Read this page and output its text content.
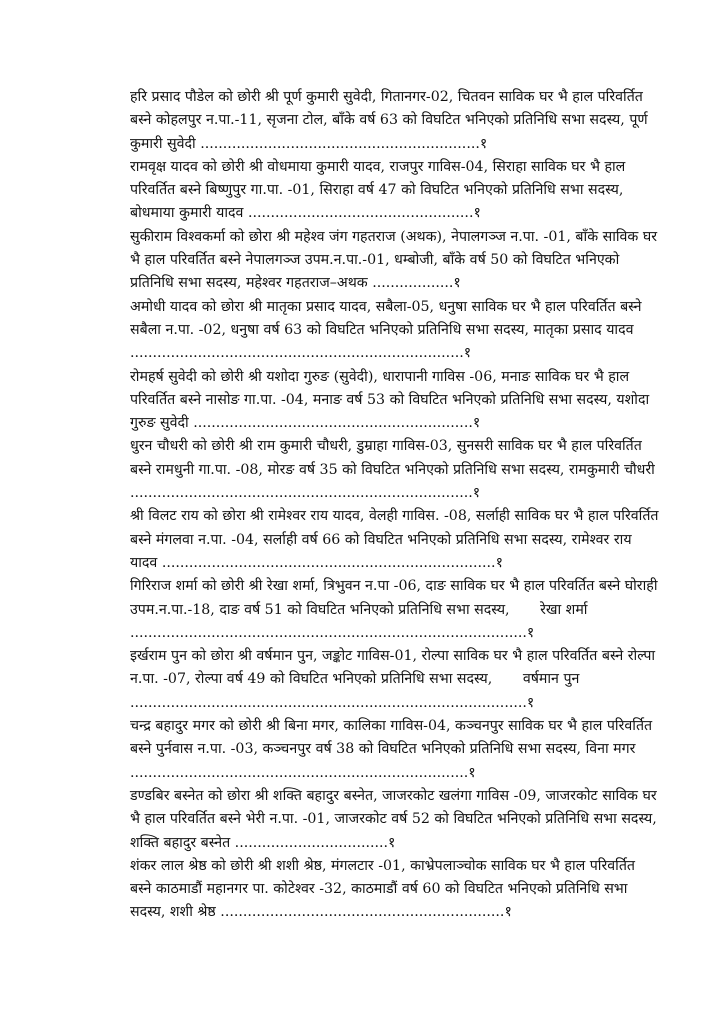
हरि प्रसाद पौडेल को छोरी श्री पूर्ण कुमारी सुवेदी, गितानगर-02, चितवन साविक घर भै हाल परिवर्तित बस्ने कोहलपुर न.पा.-11, सृजना टोल, बाँके वर्ष 63 को विघटित भनिएको प्रतिनिधि सभा सदस्य, पूर्ण कुमारी सुवेदी ..............................................................१

रामवृक्ष यादव को छोरी श्री वोधमाया कुमारी यादव, राजपुर गाविस-04, सिराहा साविक घर भै हाल परिवर्तित बस्ने बिष्णुपुर गा.पा. -01, सिराहा वर्ष 47 को विघटित भनिएको प्रतिनिधि सभा सदस्य, बोधमाया कुमारी यादव ..................................................१

सुकीराम विश्वकर्मा को छोरा श्री महेश्व जंग गहतराज (अथक), नेपालगञ्ज न.पा. -01, बाँके साविक घर भै हाल परिवर्तित बस्ने नेपालगञ्ज उपम.न.पा.-01, धम्बोजी, बाँके वर्ष 50 को विघटित भनिएको प्रतिनिधि सभा सदस्य, महेश्वर गहतराज–अथक ..................१

अमोधी यादव को छोरा श्री मातृका प्रसाद यादव, सबैला-05, धनुषा साविक घर भै हाल परिवर्तित बस्ने सबैला न.पा. -02, धनुषा वर्ष 63 को विघटित भनिएको प्रतिनिधि सभा सदस्य, मातृका प्रसाद यादव ..........................................................................१

रोमहर्ष सुवेदी को छोरी श्री यशोदा गुरुङ (सुवेदी), धारापानी गाविस -06, मनाङ साविक घर भै हाल परिवर्तित बस्ने नासोङ गा.पा. -04, मनाङ वर्ष 53 को विघटित भनिएको प्रतिनिधि सभा सदस्य, यशोदा गुरुङ सुवेदी ..............................................................१

धुरन चौधरी को छोरी श्री राम कुमारी चौधरी, डुम्राहा गाविस-03, सुनसरी साविक घर भै हाल परिवर्तित बस्ने रामधुनी गा.पा. -08, मोरङ वर्ष 35 को विघटित भनिएको प्रतिनिधि सभा सदस्य, रामकुमारी चौधरी ............................................................................१

श्री विलट राय को छोरा श्री रामेश्वर राय यादव, वेलही गाविस. -08, सर्लाही साविक घर भै हाल परिवर्तित बस्ने मंगलवा न.पा. -04, सर्लाही वर्ष 66 को विघटित भनिएको प्रतिनिधि सभा सदस्य, रामेश्वर राय यादव ..........................................................................१

गिरिराज शर्मा को छोरी श्री रेखा शर्मा, त्रिभुवन न.पा -06, दाङ साविक घर भै हाल परिवर्तित बस्ने घोराही उपम.न.पा.-18, दाङ वर्ष 51 को विघटित भनिएको प्रतिनिधि सभा सदस्य, रेखा शर्मा
........................................................................................१

इर्खराम पुन को छोरा श्री वर्षमान पुन, जङ्कोट गाविस-01, रोल्पा साविक घर भै हाल परिवर्तित बस्ने रोल्पा न.पा. -07, रोल्पा वर्ष 49 को विघटित भनिएको प्रतिनिधि सभा सदस्य, वर्षमान पुन
........................................................................................१

चन्द्र बहादुर मगर को छोरी श्री बिना मगर, कालिका गाविस-04, कञ्चनपुर साविक घर भै हाल परिवर्तित बस्ने पुर्नवास न.पा. -03, कञ्चनपुर वर्ष 38 को विघटित भनिएको प्रतिनिधि सभा सदस्य, विना मगर ...........................................................................१

डण्डबिर बस्नेत को छोरा श्री शक्ति बहादुर बस्नेत, जाजरकोट खलंगा गाविस -09, जाजरकोट साविक घर भै हाल परिवर्तित बस्ने भेरी न.पा. -01, जाजरकोट वर्ष 52 को विघटित भनिएको प्रतिनिधि सभा सदस्य, शक्ति बहादुर बस्नेत ..................................१

शंकर लाल श्रेष्ठ को छोरी श्री शशी श्रेष्ठ, मंगलटार -01, काभ्रेपलाञ्चोक साविक घर भै हाल परिवर्तित बस्ने काठमाडौं महानगर पा. कोटेश्वर -32, काठमाडौं वर्ष 60 को विघटित भनिएको प्रतिनिधि सभा सदस्य, शशी श्रेष्ठ ...............................................................१
